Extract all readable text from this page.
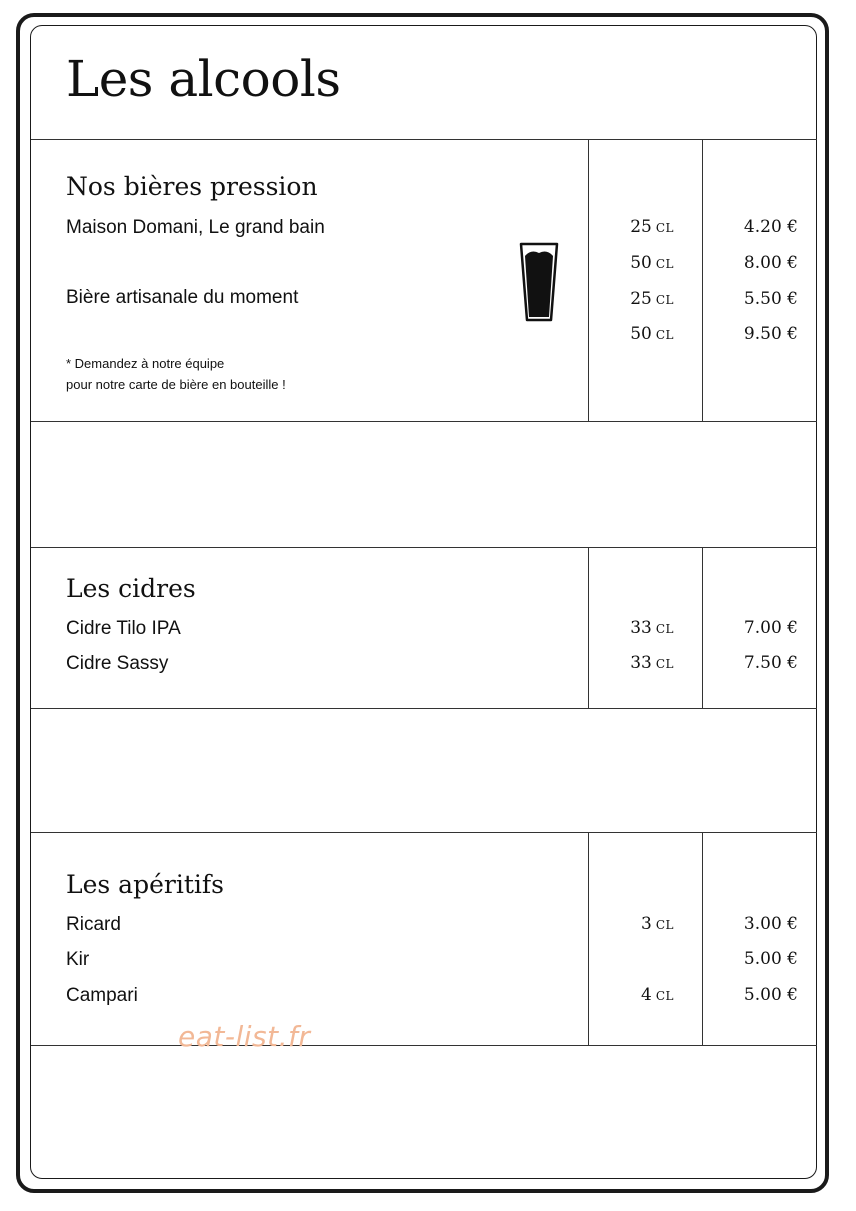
Les alcools
Nos bières pression
Maison Domani, Le grand bain
Bière artisanale du moment
* Demandez à notre équipe
pour notre carte de bière en bouteille !
25 CL
50 CL
25 CL
50 CL
4.20 €
8.00 €
5.50 €
9.50 €
Les cidres
Cidre Tilo IPA
Cidre Sassy
33 CL
33 CL
7.00 €
7.50 €
Les apéritifs
Ricard
Kir
Campari
3 CL
4 CL
3.00 €
5.00 €
5.00 €
eat-list.fr
